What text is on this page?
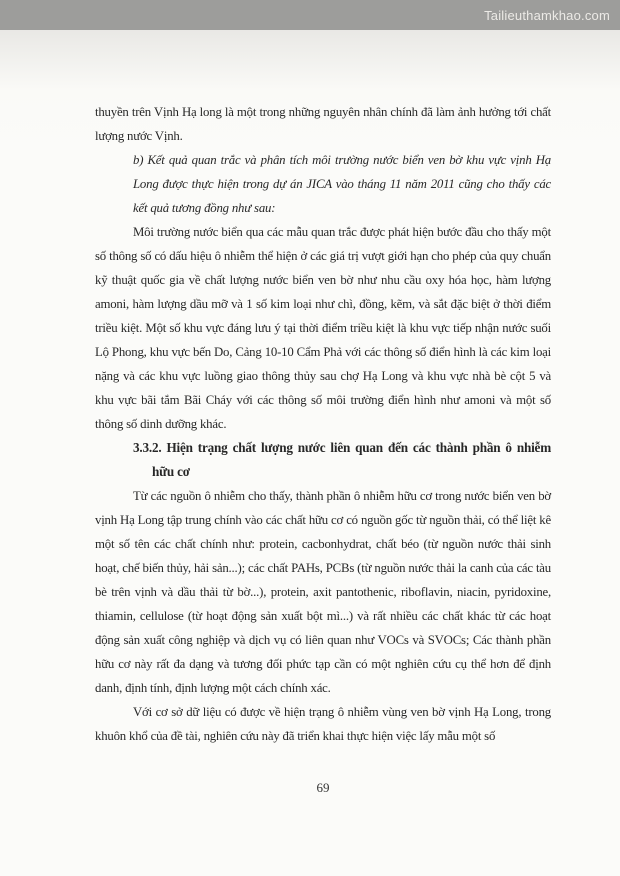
Tailieuthamkhao.com
thuyền trên Vịnh Hạ long là một trong những nguyên nhân chính đã làm ảnh hưởng tới chất lượng nước Vịnh.
b) Kết quả quan trắc và phân tích môi trường nước biển ven bờ khu vực vịnh Hạ Long được thực hiện trong dự án JICA vào tháng 11 năm 2011 cũng cho thấy các kết quả tương đồng như sau:
Môi trường nước biển qua các mẫu quan trắc được phát hiện bước đầu cho thấy một số thông số có dấu hiệu ô nhiễm thể hiện ở các giá trị vượt giới hạn cho phép của quy chuẩn kỹ thuật quốc gia về chất lượng nước biển ven bờ như nhu cầu oxy hóa học, hàm lượng amoni, hàm lượng dầu mỡ và 1 số kim loại như chì, đồng, kẽm, và sắt đặc biệt ở thời điểm triều kiệt. Một số khu vực đáng lưu ý tại thời điểm triều kiệt là khu vực tiếp nhận nước suối Lộ Phong, khu vực bến Do, Cảng 10-10 Cẩm Phả với các thông số điển hình là các kim loại nặng và các khu vực luồng giao thông thủy sau chợ Hạ Long và khu vực nhà bè cột 5 và khu vực bãi tắm Bãi Cháy với các thông số môi trường điển hình như amoni và một số thông số dinh dưỡng khác.
3.3.2. Hiện trạng chất lượng nước liên quan đến các thành phần ô nhiễm hữu cơ
Từ các nguồn ô nhiễm cho thấy, thành phần ô nhiễm hữu cơ trong nước biển ven bờ vịnh Hạ Long tập trung chính vào các chất hữu cơ có nguồn gốc từ nguồn thải, có thể liệt kê một số tên các chất chính như: protein, cacbonhydrat, chất béo (từ nguồn nước thải sinh hoạt, chế biến thủy, hải sản...); các chất PAHs, PCBs (từ nguồn nước thải la canh của các tàu bè trên vịnh và dầu thải từ bờ...), protein, axit pantothenic, riboflavin, niacin, pyridoxine, thiamin, cellulose (từ hoạt động sản xuất bột mì...) và rất nhiều các chất khác từ các hoạt động sản xuất công nghiệp và dịch vụ có liên quan như VOCs và SVOCs; Các thành phần hữu cơ này rất đa dạng và tương đối phức tạp cần có một nghiên cứu cụ thể hơn để định danh, định tính, định lượng một cách chính xác.
Với cơ sở dữ liệu có được về hiện trạng ô nhiễm vùng ven bờ vịnh Hạ Long, trong khuôn khổ của đề tài, nghiên cứu này đã triển khai thực hiện việc lấy mẫu một số
69
